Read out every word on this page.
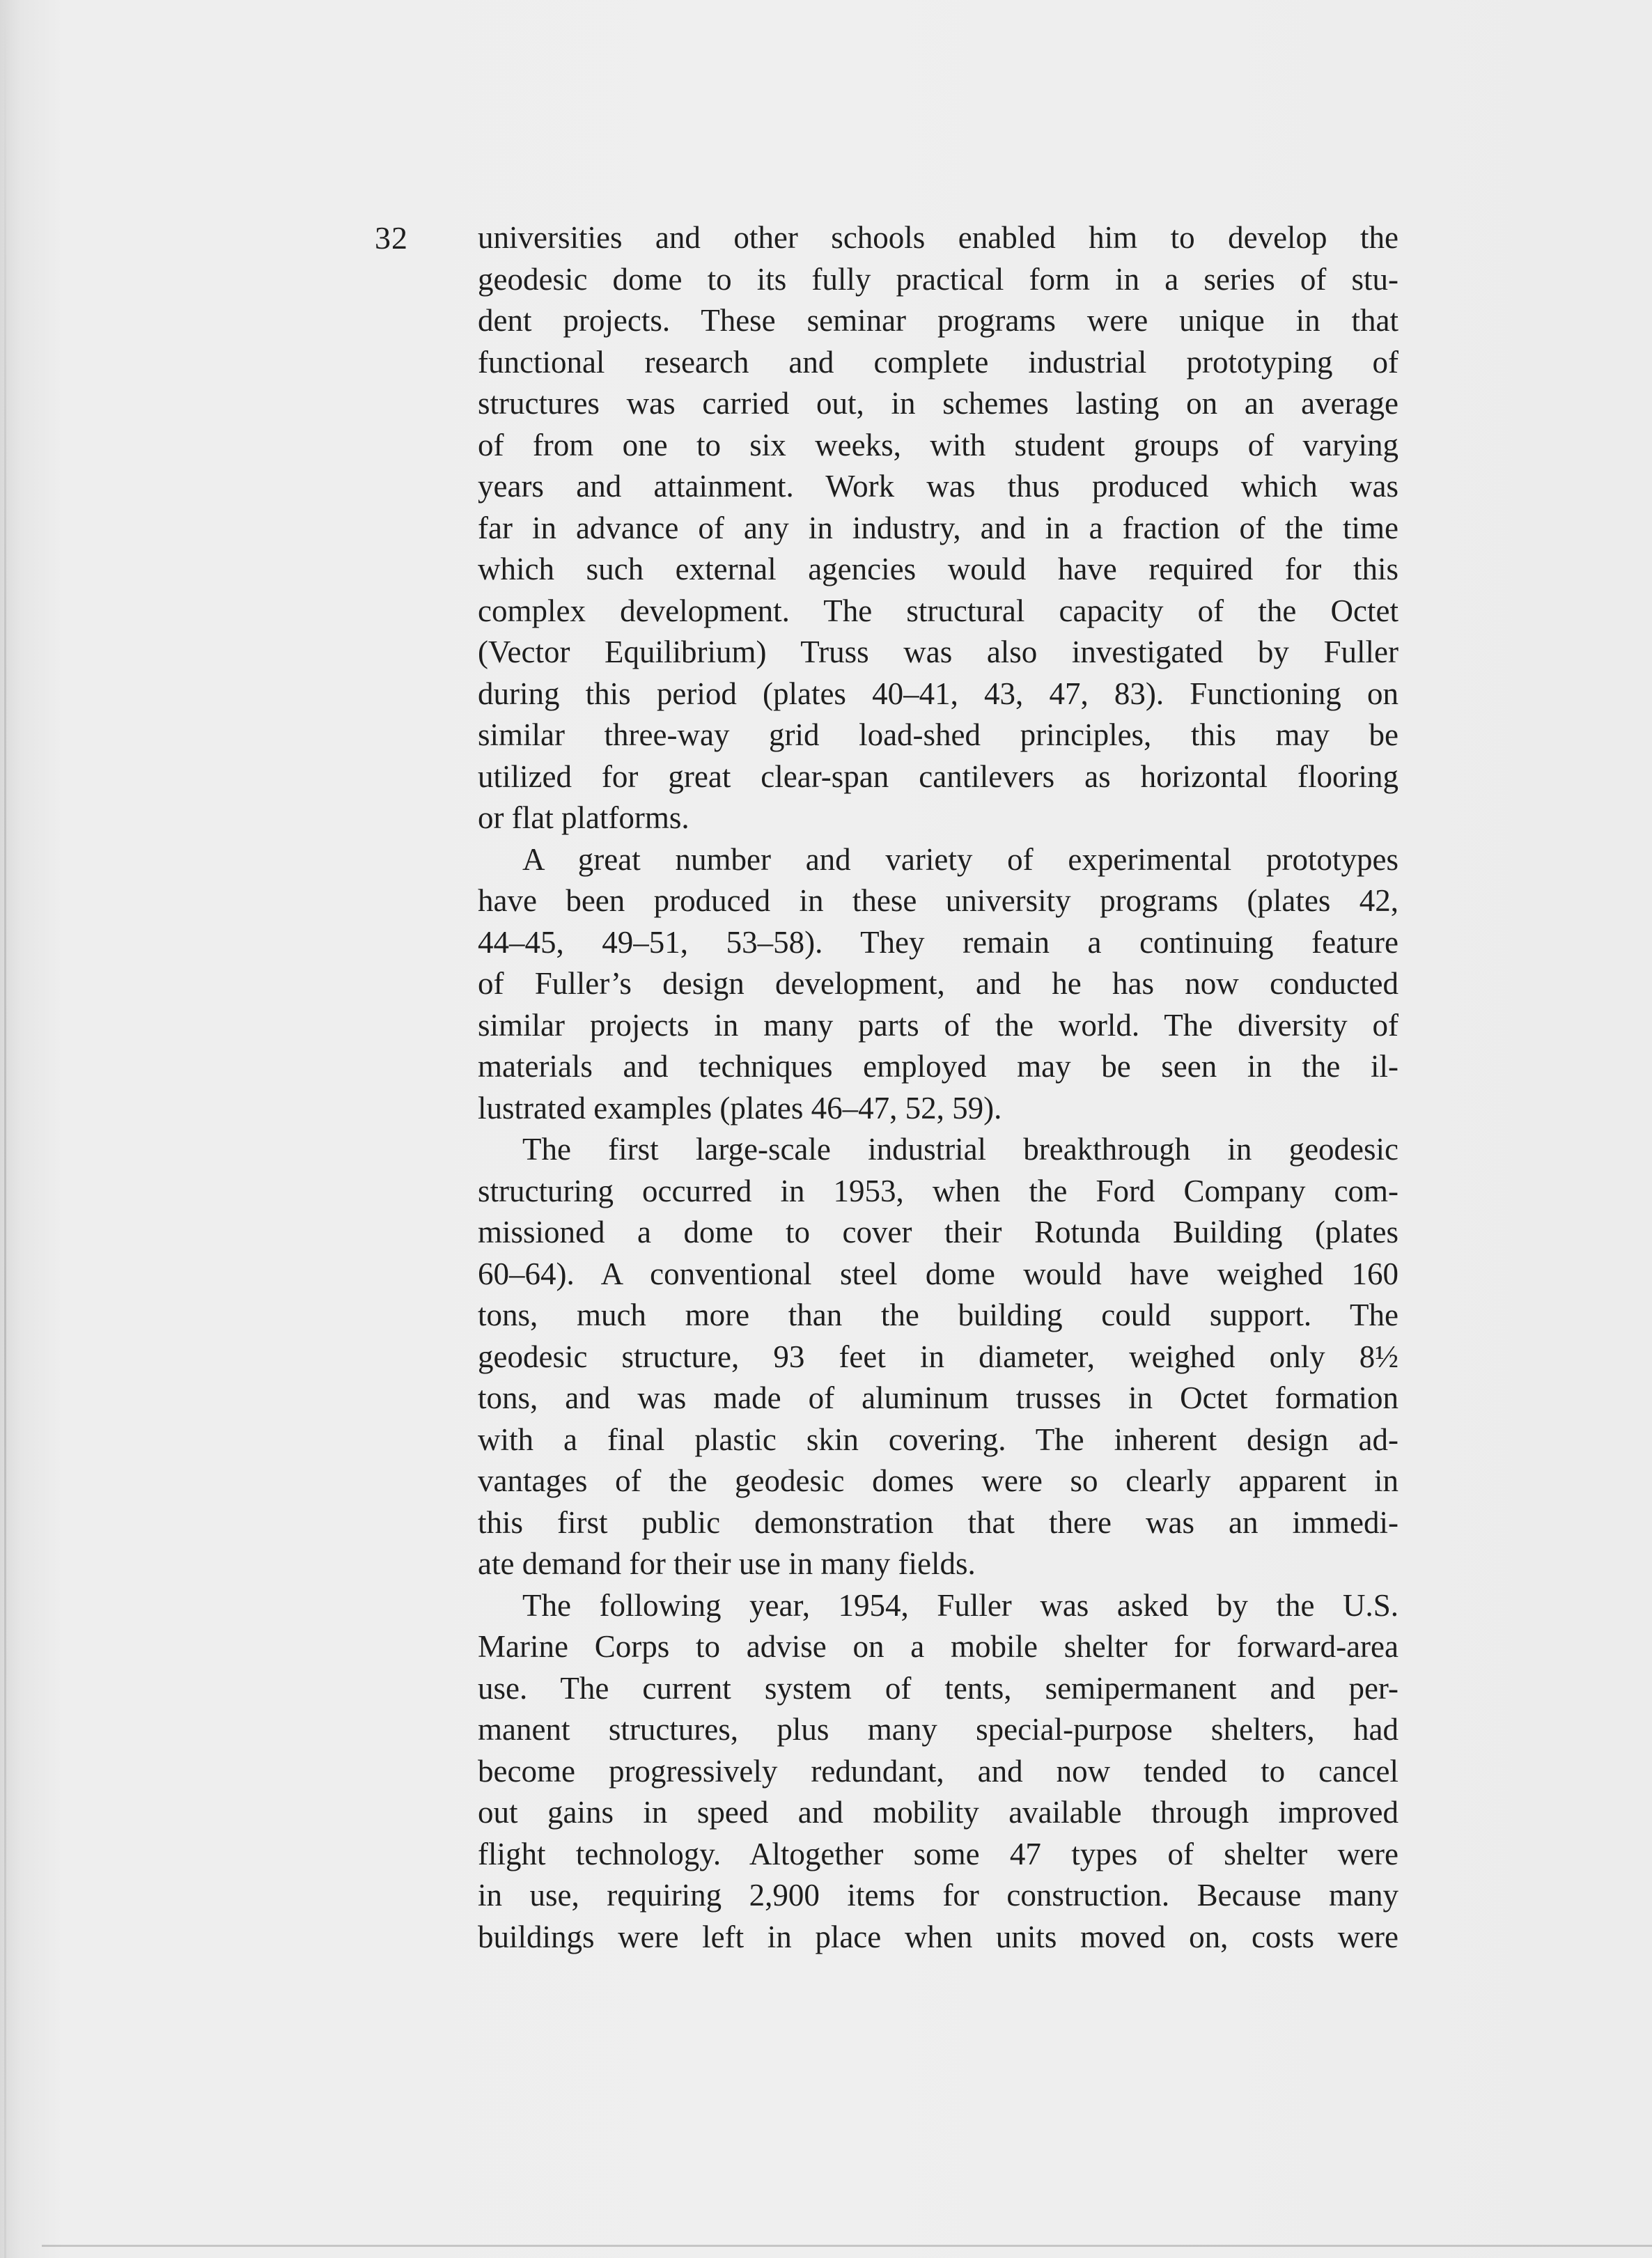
32 universities and other schools enabled him to develop the
geodesic dome to its fully practical form in a series of stu-
dent projects. These seminar programs were unique in that
functional research and complete industrial prototyping of
structures was carried out, in schemes lasting on an average
of from one to six weeks, with student groups of varying
years and attainment. Work was thus produced which was
far in advance of any in industry, and in a fraction of the time
which such external agencies would have required for this
complex development. The structural capacity of the Octet
(Vector Equilibrium) Truss was also investigated by Fuller
during this period (plates 40–41, 43, 47, 83). Functioning on
similar three-way grid load-shed principles, this may be
utilized for great clear-span cantilevers as horizontal flooring
or flat platforms.
A great number and variety of experimental prototypes
have been produced in these university programs (plates 42,
44–45, 49–51, 53–58). They remain a continuing feature
of Fuller’s design development, and he has now conducted
similar projects in many parts of the world. The diversity of
materials and techniques employed may be seen in the il-
lustrated examples (plates 46–47, 52, 59).
The first large-scale industrial breakthrough in geodesic
structuring occurred in 1953, when the Ford Company com-
missioned a dome to cover their Rotunda Building (plates
60–64). A conventional steel dome would have weighed 160
tons, much more than the building could support. The
geodesic structure, 93 feet in diameter, weighed only 8½
tons, and was made of aluminum trusses in Octet formation
with a final plastic skin covering. The inherent design ad-
vantages of the geodesic domes were so clearly apparent in
this first public demonstration that there was an immedi-
ate demand for their use in many fields.
The following year, 1954, Fuller was asked by the U.S.
Marine Corps to advise on a mobile shelter for forward-area
use. The current system of tents, semipermanent and per-
manent structures, plus many special-purpose shelters, had
become progressively redundant, and now tended to cancel
out gains in speed and mobility available through improved
flight technology. Altogether some 47 types of shelter were
in use, requiring 2,900 items for construction. Because many
buildings were left in place when units moved on, costs were
